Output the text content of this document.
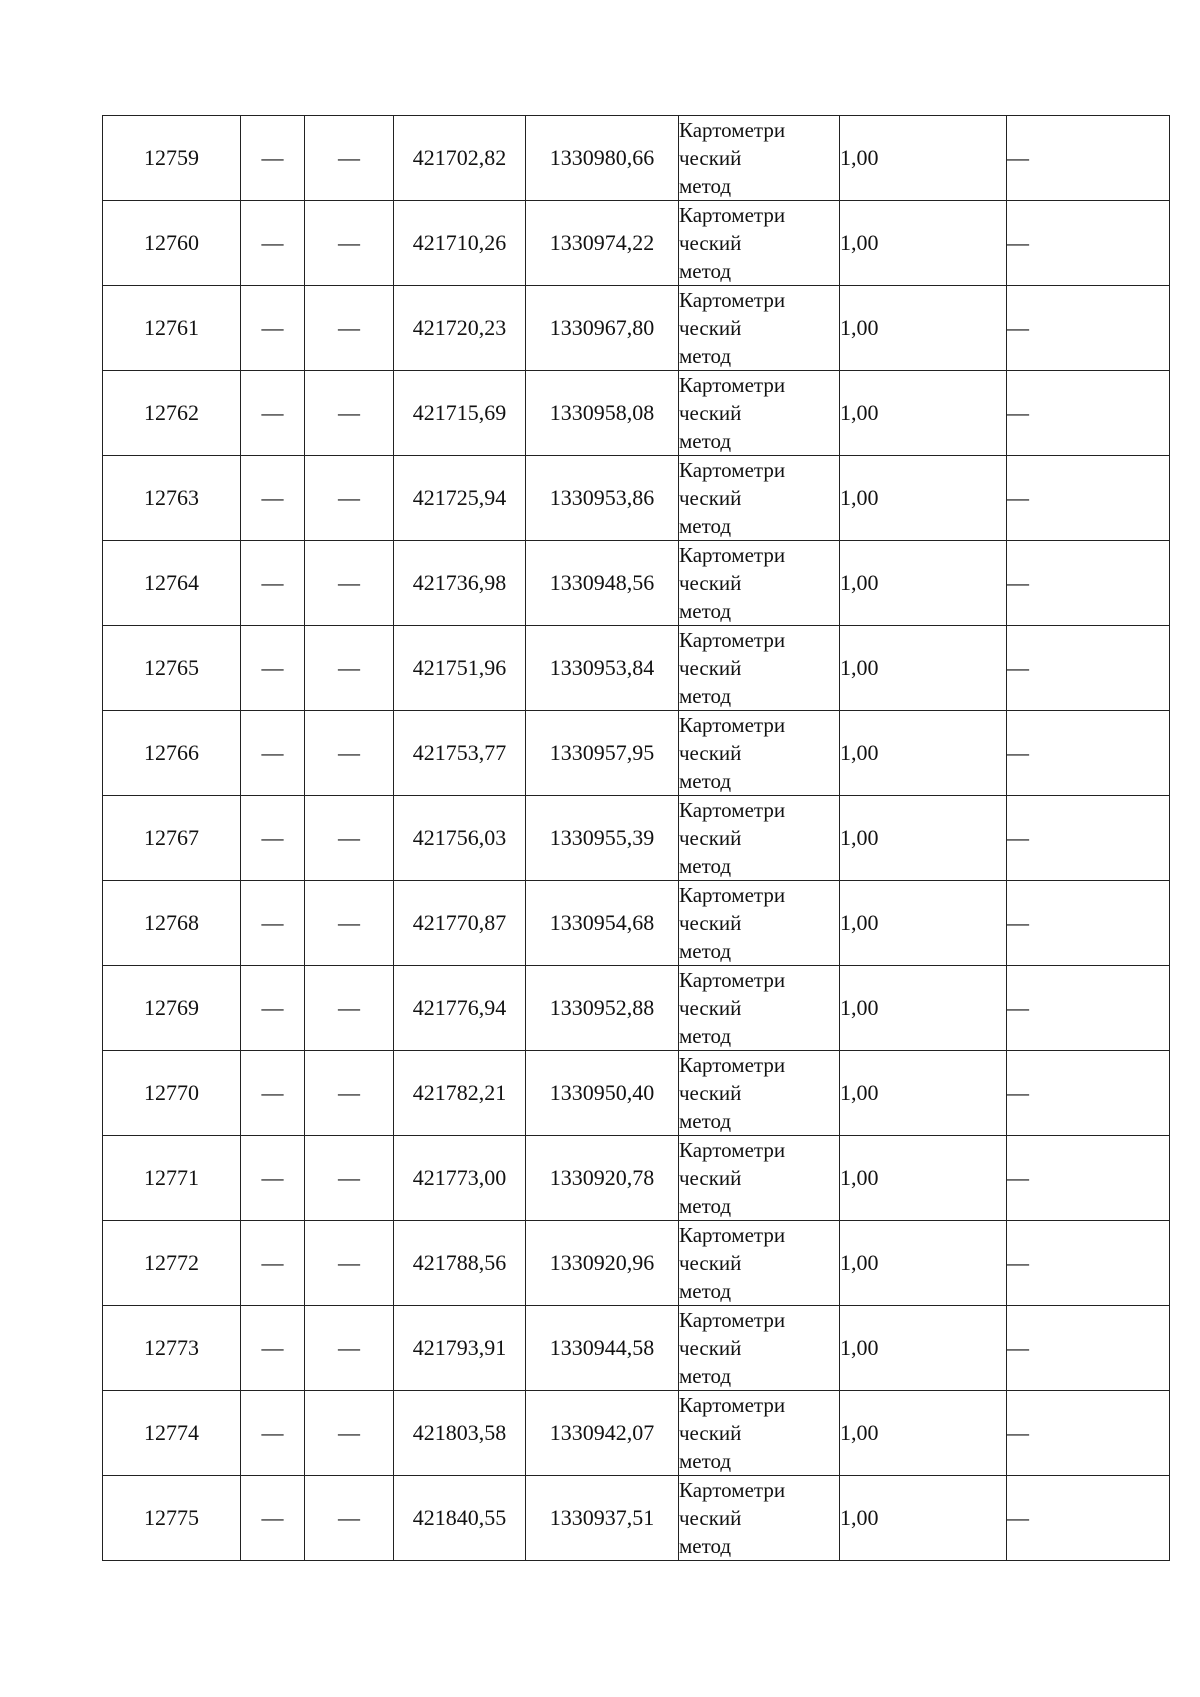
12759	—	—	421702,82	1330980,66	Картометри
ческий
метод	1,00	—
12760	—	—	421710,26	1330974,22	Картометри
ческий
метод	1,00	—
12761	—	—	421720,23	1330967,80	Картометри
ческий
метод	1,00	—
12762	—	—	421715,69	1330958,08	Картометри
ческий
метод	1,00	—
12763	—	—	421725,94	1330953,86	Картометри
ческий
метод	1,00	—
12764	—	—	421736,98	1330948,56	Картометри
ческий
метод	1,00	—
12765	—	—	421751,96	1330953,84	Картометри
ческий
метод	1,00	—
12766	—	—	421753,77	1330957,95	Картометри
ческий
метод	1,00	—
12767	—	—	421756,03	1330955,39	Картометри
ческий
метод	1,00	—
12768	—	—	421770,87	1330954,68	Картометри
ческий
метод	1,00	—
12769	—	—	421776,94	1330952,88	Картометри
ческий
метод	1,00	—
12770	—	—	421782,21	1330950,40	Картометри
ческий
метод	1,00	—
12771	—	—	421773,00	1330920,78	Картометри
ческий
метод	1,00	—
12772	—	—	421788,56	1330920,96	Картометри
ческий
метод	1,00	—
12773	—	—	421793,91	1330944,58	Картометри
ческий
метод	1,00	—
12774	—	—	421803,58	1330942,07	Картометри
ческий
метод	1,00	—
12775	—	—	421840,55	1330937,51	Картометри
ческий
метод	1,00	—
